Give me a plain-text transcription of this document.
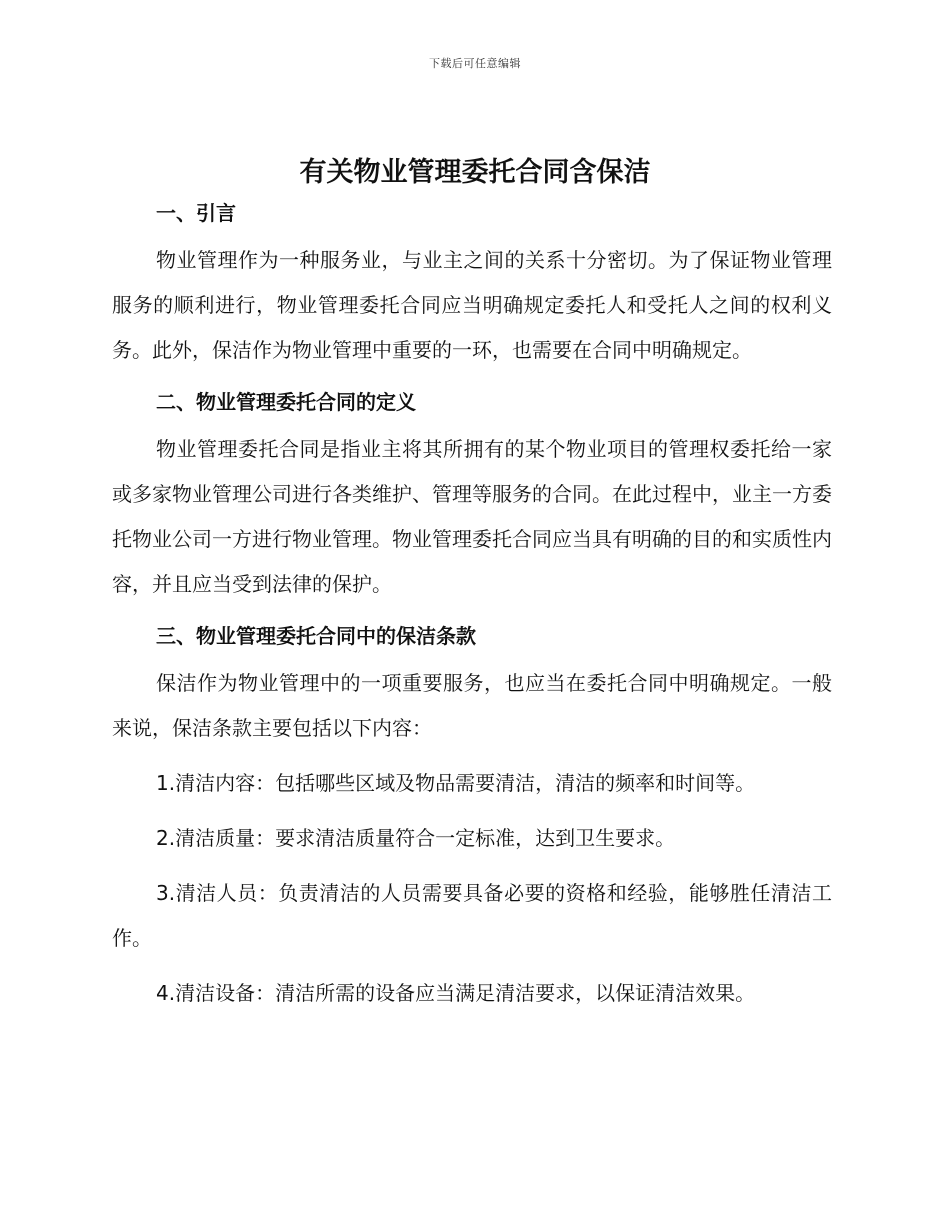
下载后可任意编辑
有关物业管理委托合同含保洁
一、引言

物业管理作为一种服务业，与业主之间的关系十分密切。为了保证物业管理服务的顺利进行，物业管理委托合同应当明确规定委托人和受托人之间的权利义务。此外，保洁作为物业管理中重要的一环，也需要在合同中明确规定。

二、物业管理委托合同的定义

物业管理委托合同是指业主将其所拥有的某个物业项目的管理权委托给一家或多家物业管理公司进行各类维护、管理等服务的合同。在此过程中，业主一方委托物业公司一方进行物业管理。物业管理委托合同应当具有明确的目的和实质性内容，并且应当受到法律的保护。

三、物业管理委托合同中的保洁条款

保洁作为物业管理中的一项重要服务，也应当在委托合同中明确规定。一般来说，保洁条款主要包括以下内容：

1.清洁内容：包括哪些区域及物品需要清洁，清洁的频率和时间等。

2.清洁质量：要求清洁质量符合一定标准，达到卫生要求。

3.清洁人员：负责清洁的人员需要具备必要的资格和经验，能够胜任清洁工作。

4.清洁设备：清洁所需的设备应当满足清洁要求，以保证清洁效果。
